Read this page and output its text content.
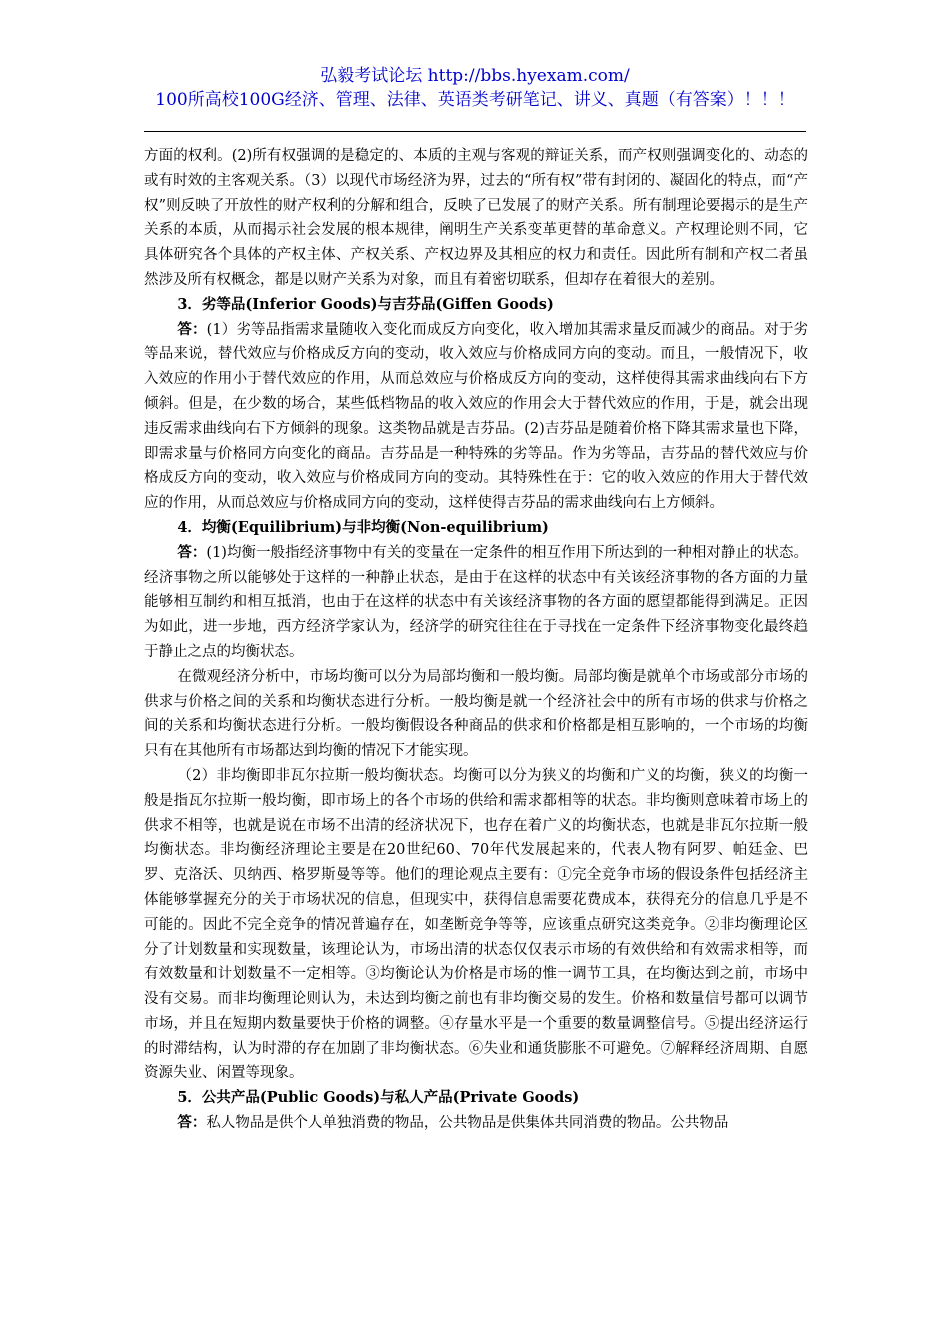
弘毅考试论坛 http://bbs.hyexam.com/
100所高校100G经济、管理、法律、英语类考研笔记、讲义、真题（有答案）！！！

方面的权利。(2)所有权强调的是稳定的、本质的主观与客观的辩证关系，而产权则强调变化的、动态的或有时效的主客观关系。（3）以现代市场经济为界，过去的“所有权”带有封闭的、凝固化的特点，而“产权”则反映了开放性的财产权利的分解和组合，反映了已发展了的财产关系。所有制理论要揭示的是生产关系的本质，从而揭示社会发展的根本规律，阐明生产关系变革更替的革命意义。产权理论则不同，它具体研究各个具体的产权主体、产权关系、产权边界及其相应的权力和责任。因此所有制和产权二者虽然涉及所有权概念，都是以财产关系为对象，而且有着密切联系，但却存在着很大的差别。

3．劣等品(Inferior Goods)与吉芬品(Giffen Goods)

答：(1）劣等品指需求量随收入变化而成反方向变化，收入增加其需求量反而减少的商品。对于劣等品来说，替代效应与价格成反方向的变动，收入效应与价格成同方向的变动。而且，一般情况下，收入效应的作用小于替代效应的作用，从而总效应与价格成反方向的变动，这样使得其需求曲线向右下方倾斜。但是，在少数的场合，某些低档物品的收入效应的作用会大于替代效应的作用，于是，就会出现违反需求曲线向右下方倾斜的现象。这类物品就是吉芬品。(2)吉芬品是随着价格下降其需求量也下降，即需求量与价格同方向变化的商品。吉芬品是一种特殊的劣等品。作为劣等品，吉芬品的替代效应与价格成反方向的变动，收入效应与价格成同方向的变动。其特殊性在于：它的收入效应的作用大于替代效应的作用，从而总效应与价格成同方向的变动，这样使得吉芬品的需求曲线向右上方倾斜。

4．均衡(Equilibrium)与非均衡(Non-equilibrium)

答：(1)均衡一般指经济事物中有关的变量在一定条件的相互作用下所达到的一种相对静止的状态。经济事物之所以能够处于这样的一种静止状态，是由于在这样的状态中有关该经济事物的各方面的力量能够相互制约和相互抵消，也由于在这样的状态中有关该经济事物的各方面的愿望都能得到满足。正因为如此，进一步地，西方经济学家认为，经济学的研究往往在于寻找在一定条件下经济事物变化最终趋于静止之点的均衡状态。

在微观经济分析中，市场均衡可以分为局部均衡和一般均衡。局部均衡是就单个市场或部分市场的供求与价格之间的关系和均衡状态进行分析。一般均衡是就一个经济社会中的所有市场的供求与价格之间的关系和均衡状态进行分析。一般均衡假设各种商品的供求和价格都是相互影响的，一个市场的均衡只有在其他所有市场都达到均衡的情况下才能实现。

（2）非均衡即非瓦尔拉斯一般均衡状态。均衡可以分为狭义的均衡和广义的均衡，狭义的均衡一般是指瓦尔拉斯一般均衡，即市场上的各个市场的供给和需求都相等的状态。非均衡则意味着市场上的供求不相等，也就是说在市场不出清的经济状况下，也存在着广义的均衡状态，也就是非瓦尔拉斯一般均衡状态。非均衡经济理论主要是在20世纪60、70年代发展起来的，代表人物有阿罗、帕廷金、巴罗、克洛沃、贝纳西、格罗斯曼等等。他们的理论观点主要有：①完全竞争市场的假设条件包括经济主体能够掌握充分的关于市场状况的信息，但现实中，获得信息需要花费成本，获得充分的信息几乎是不可能的。因此不完全竞争的情况普遍存在，如垄断竞争等等，应该重点研究这类竞争。②非均衡理论区分了计划数量和实现数量，该理论认为，市场出清的状态仅仅表示市场的有效供给和有效需求相等，而有效数量和计划数量不一定相等。③均衡论认为价格是市场的惟一调节工具，在均衡达到之前，市场中没有交易。而非均衡理论则认为，未达到均衡之前也有非均衡交易的发生。价格和数量信号都可以调节市场，并且在短期内数量要快于价格的调整。④存量水平是一个重要的数量调整信号。⑤提出经济运行的时滞结构，认为时滞的存在加剧了非均衡状态。⑥失业和通货膨胀不可避免。⑦解释经济周期、自愿资源失业、闲置等现象。

5．公共产品(Public Goods)与私人产品(Private Goods)

答：私人物品是供个人单独消费的物品，公共物品是供集体共同消费的物品。公共物品
